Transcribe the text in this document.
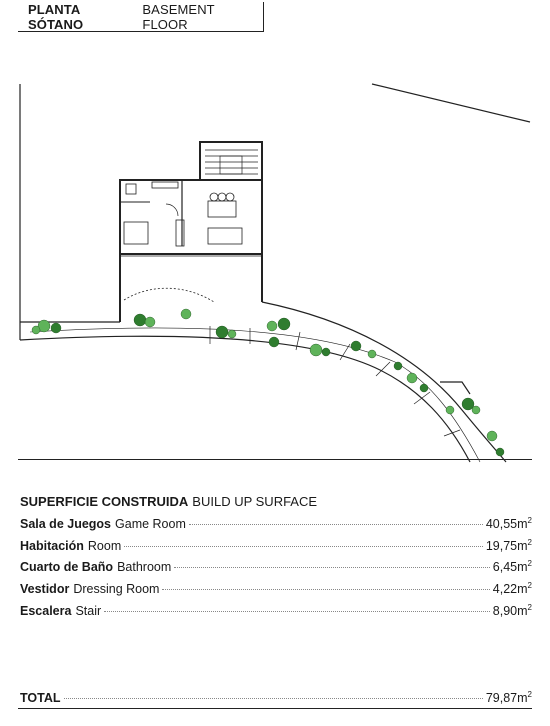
PLANTA SÓTANO
BASEMENT FLOOR
SUPERFICIE CONSTRUIDA BUILD UP SURFACE
Sala de Juegos Game Room	$40,55m^2$
Habitación Room	$19,75m^2$
Cuarto de Baño Bathroom	$6,45m^2$
Vestidor Dressing Room	$4,22m^2$
Escalera Stair	$8,90m^2$
TOTAL	$79,87m^2$
